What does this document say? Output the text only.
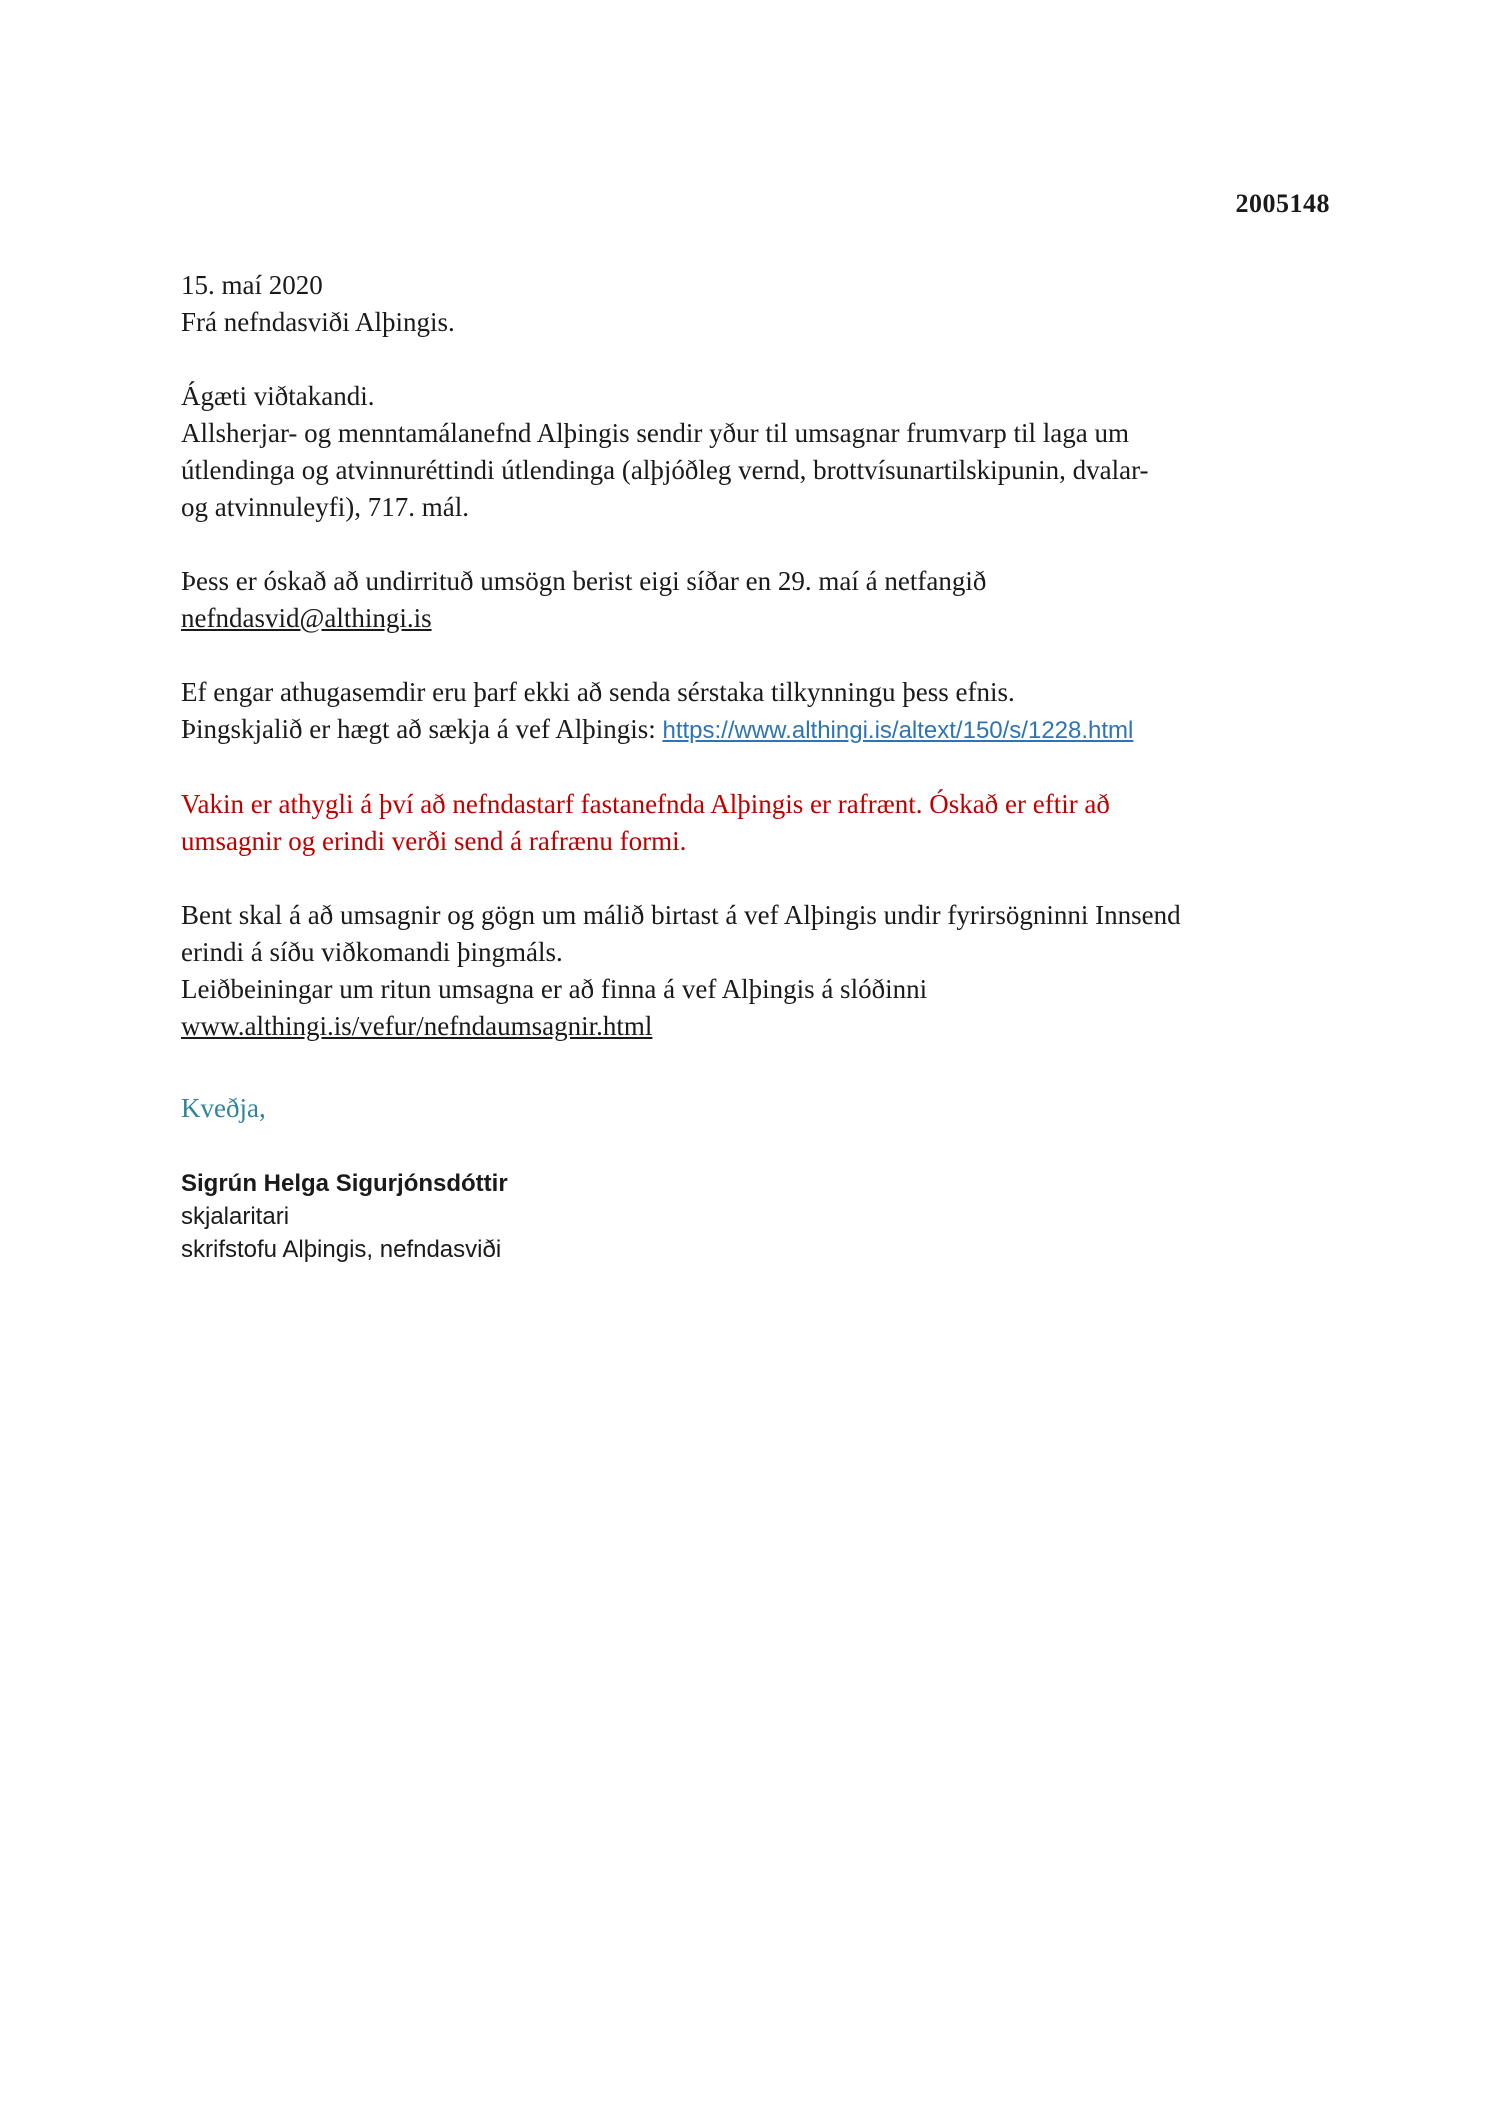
2005148
15. maí 2020
Frá nefndasviði Alþingis.
Ágæti viðtakandi.
Allsherjar- og menntamálanefnd Alþingis sendir yður til umsagnar frumvarp til laga um
útlendinga og atvinnuréttindi útlendinga (alþjóðleg vernd, brottvísunartilskipunin, dvalar-
og atvinnuleyfi), 717. mál.
Þess er óskað að undirrituð umsögn berist eigi síðar en 29. maí á netfangið
nefndasvid@althingi.is
Ef engar athugasemdir eru þarf ekki að senda sérstaka tilkynningu þess efnis.
Þingskjalið er hægt að sækja á vef Alþingis: https://www.althingi.is/altext/150/s/1228.html
Vakin er athygli á því að nefndastarf fastanefnda Alþingis er rafrænt. Óskað er eftir að
umsagnir og erindi verði send á rafrænu formi.
Bent skal á að umsagnir og gögn um málið birtast á vef Alþingis undir fyrirsögninni Innsend
erindi á síðu viðkomandi þingmáls.
Leiðbeiningar um ritun umsagna er að finna á vef Alþingis á slóðinni
www.althingi.is/vefur/nefndaumsagnir.html
Kveðja,
Sigrún Helga Sigurjónsdóttir
skjalaritari
skrifstofu Alþingis, nefndasviði
